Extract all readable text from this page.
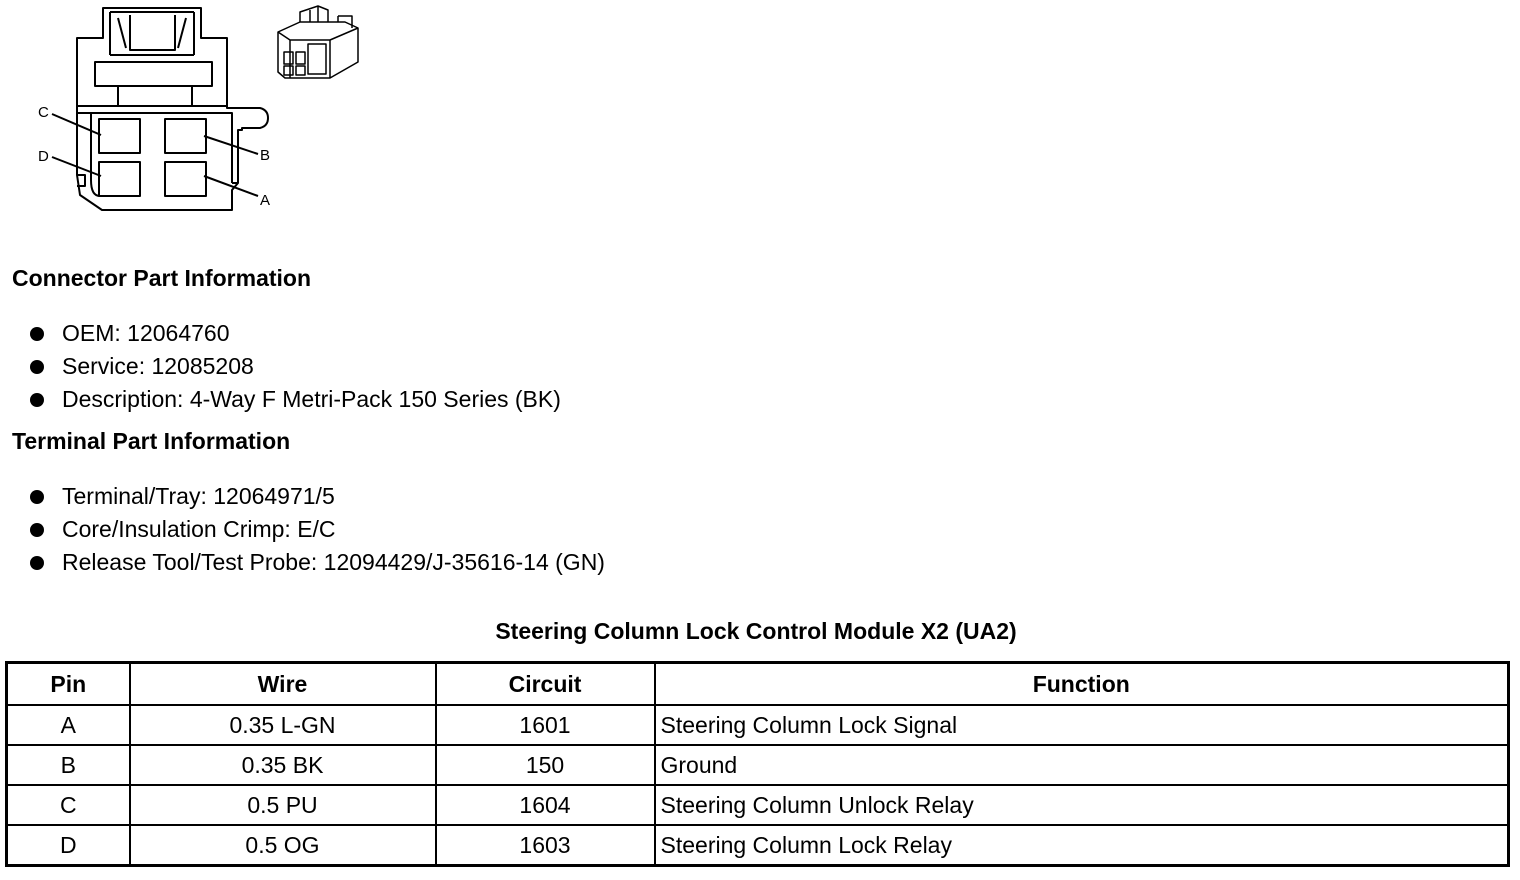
C
B
D
A
Connector Part Information
OEM: 12064760
Service: 12085208
Description: 4-Way F Metri-Pack 150 Series (BK)
Terminal Part Information
Terminal/Tray: 12064971/5
Core/Insulation Crimp: E/C
Release Tool/Test Probe: 12094429/J-35616-14 (GN)
Steering Column Lock Control Module X2 (UA2)
Pin	Wire	Circuit	Function
A	0.35 L-GN	1601	Steering Column Lock Signal
B	0.35 BK	150	Ground
C	0.5 PU	1604	Steering Column Unlock Relay
D	0.5 OG	1603	Steering Column Lock Relay
